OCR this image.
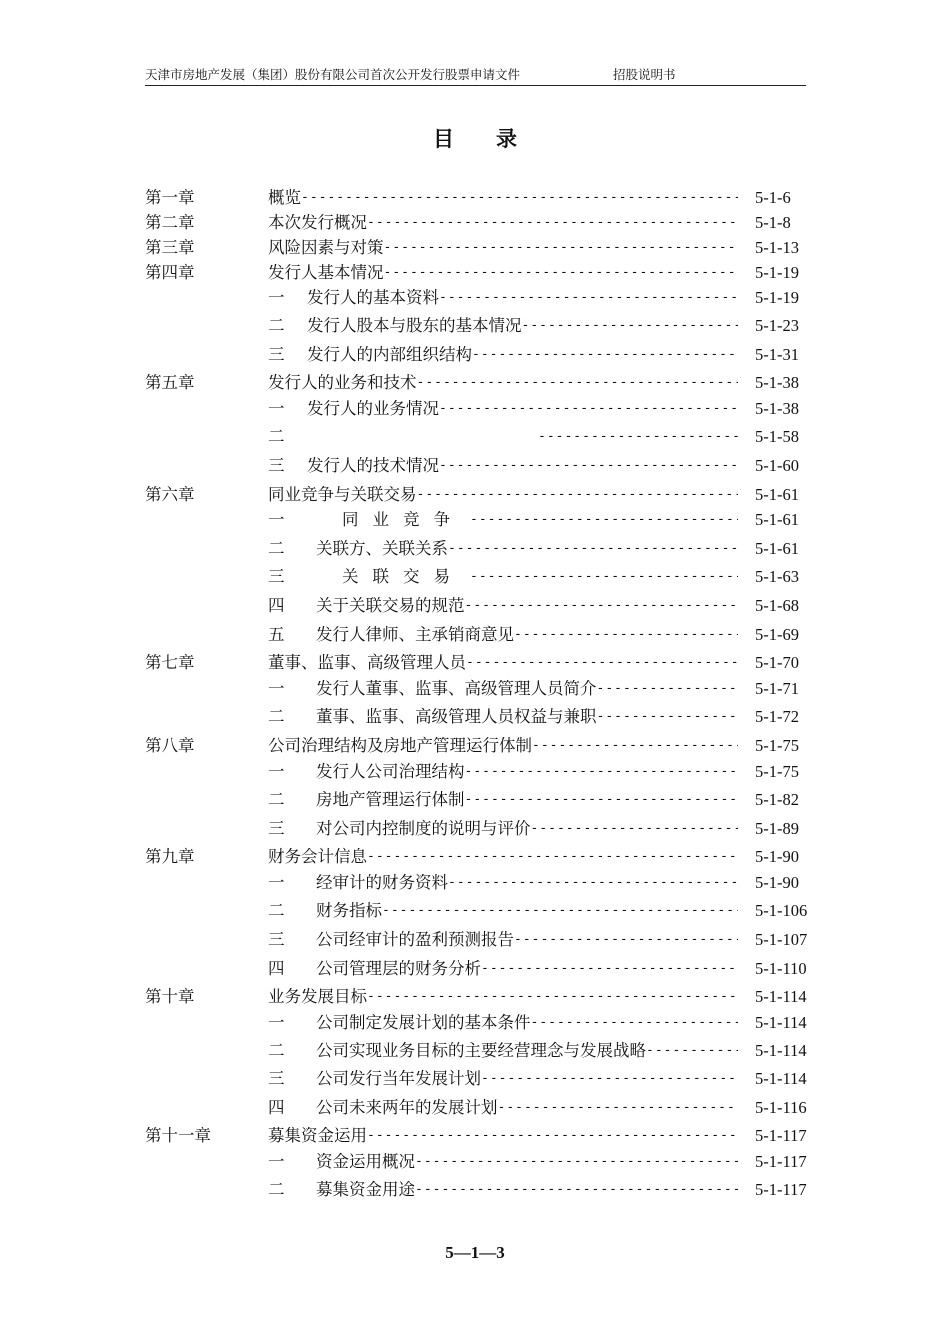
天津市房地产发展（集团）股份有限公司首次公开发行股票申请文件	招股说明书
目 录
第一章	概览 -----	5-1-6
第二章	本次发行概况 -----	5-1-8
第三章	风险因素与对策 -----	5-1-13
第四章	发行人基本情况 -----	5-1-19
一 发行人的基本资料 -----	5-1-19
二 发行人股本与股东的基本情况 -----	5-1-23
三 发行人的内部组织结构 -----	5-1-31
第五章	发行人的业务和技术 -----	5-1-38
一 发行人的业务情况 -----	5-1-38
二 -----	5-1-58
三 发行人的技术情况 -----	5-1-60
第六章	同业竞争与关联交易 -----	5-1-61
一	同业竞争 -----	5-1-61
二 关联方、关联关系 -----	5-1-61
三	关联交易 -----	5-1-63
四 关于关联交易的规范 -----	5-1-68
五 发行人律师、主承销商意见 -----	5-1-69
第七章	董事、监事、高级管理人员 -----	5-1-70
一 发行人董事、监事、高级管理人员简介 -----	5-1-71
二 董事、监事、高级管理人员权益与兼职 -----	5-1-72
第八章	公司治理结构及房地产管理运行体制 -----	5-1-75
一 发行人公司治理结构 -----	5-1-75
二 房地产管理运行体制 -----	5-1-82
三 对公司内控制度的说明与评价 -----	5-1-89
第九章	财务会计信息 -----	5-1-90
一 经审计的财务资料 -----	5-1-90
二 财务指标 -----	5-1-106
三 公司经审计的盈利预测报告 -----	5-1-107
四 公司管理层的财务分析 -----	5-1-110
第十章	业务发展目标 -----	5-1-114
一 公司制定发展计划的基本条件 -----	5-1-114
二 公司实现业务目标的主要经营理念与发展战略 -----	5-1-114
三 公司发行当年发展计划 -----	5-1-114
四 公司未来两年的发展计划 -----	5-1-116
第十一章	募集资金运用 -----	5-1-117
一 资金运用概况 -----	5-1-117
二 募集资金用途 -----	5-1-117
5—1—3
